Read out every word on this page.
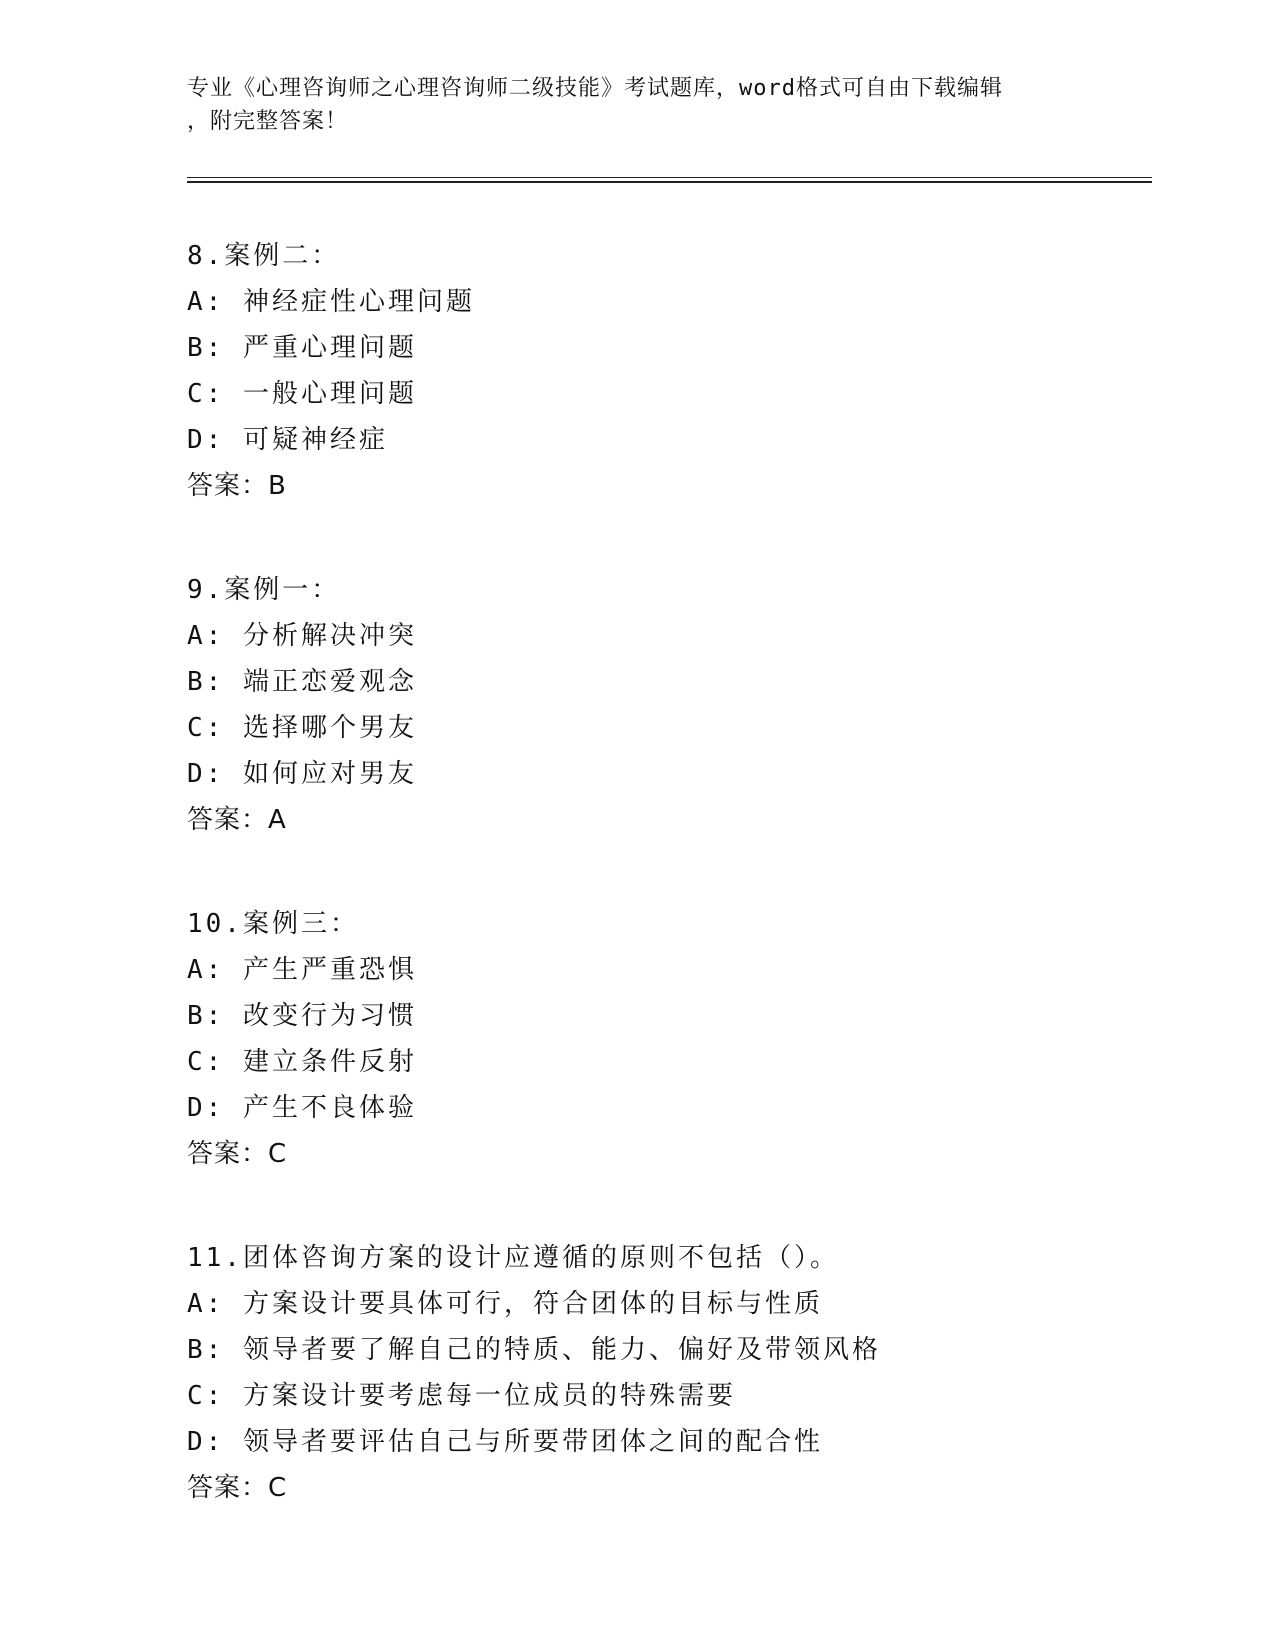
专业《心理咨询师之心理咨询师二级技能》考试题库，word格式可自由下载编辑
，附完整答案！
8.案例二：
A: 神经症性心理问题
B: 严重心理问题
C: 一般心理问题
D: 可疑神经症
答案：B
9.案例一：
A: 分析解决冲突
B: 端正恋爱观念
C: 选择哪个男友
D: 如何应对男友
答案：A
10.案例三：
A: 产生严重恐惧
B: 改变行为习惯
C: 建立条件反射
D: 产生不良体验
答案：C
11.团体咨询方案的设计应遵循的原则不包括（）。
A: 方案设计要具体可行，符合团体的目标与性质
B: 领导者要了解自己的特质、能力、偏好及带领风格
C: 方案设计要考虑每一位成员的特殊需要
D: 领导者要评估自己与所要带团体之间的配合性
答案：C
